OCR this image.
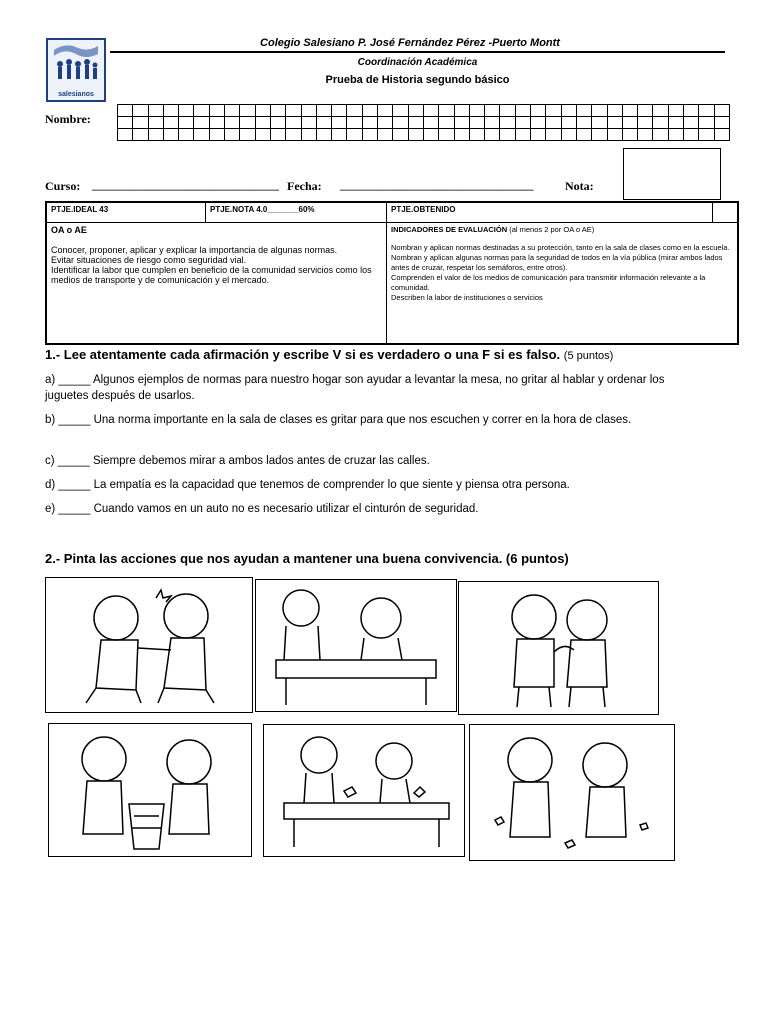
salesianos
Colegio Salesiano P. José Fernández Pérez -Puerto Montt
Coordinación Académica
Prueba de Historia segundo básico
Nombre:

Curso: ____________________________ Fecha: _____________________________	Nota:
PTJE.IDEAL 43	PTJE.NOTA 4.0_______60%	PTJE.OBTENIDO
OA o AE
Conocer, proponer, aplicar y explicar la importancia de algunas normas.
Evitar situaciones de riesgo como seguridad vial.
Identificar la labor que cumplen en beneficio de la comunidad servicios como los medios de transporte y de comunicación y el mercado.
INDICADORES DE EVALUACIÓN (al menos 2 por OA o AE)
Nombran y aplican normas destinadas a su protección, tanto en la sala de clases como en la escuela.
Nombran y aplican algunas normas para la seguridad de todos en la vía pública (mirar ambos lados antes de cruzar, respetar los semáforos, entre otros).
Comprenden el valor de los medios de comunicación para transmitir información relevante a la comunidad.
Describen la labor de instituciones o servicios
1.- Lee atentamente cada afirmación y escribe V si es verdadero o una F si es falso. (5 puntos)
a) _____ Algunos ejemplos de normas para nuestro hogar son ayudar a levantar la mesa, no gritar al hablar y ordenar los juguetes después de usarlos.
b) _____ Una norma importante en la sala de clases es gritar para que nos escuchen y correr en la hora de clases.
c) _____ Siempre debemos mirar a ambos lados antes de cruzar las calles.
d) _____ La empatía es la capacidad que tenemos de comprender lo que siente y piensa otra persona.
e) _____ Cuando vamos en un auto no es necesario utilizar el cinturón de seguridad.
2.- Pinta las acciones que nos ayudan a mantener una buena convivencia. (6 puntos)
